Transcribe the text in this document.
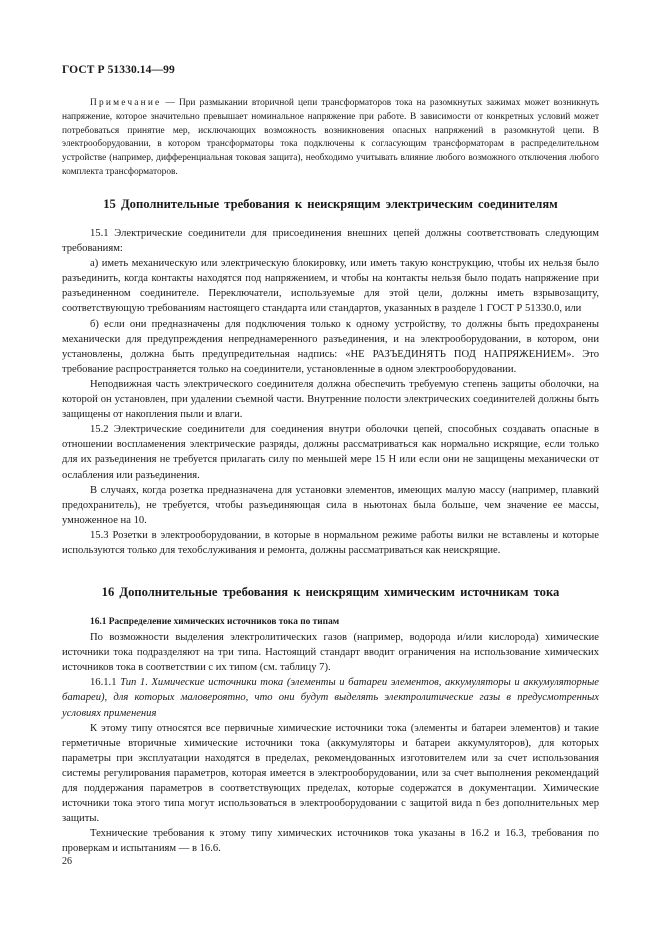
ГОСТ Р 51330.14—99

Примечание — При размыкании вторичной цепи трансформаторов тока на разомкнутых зажимах может возникнуть напряжение, которое значительно превышает номинальное напряжение при работе. В зависимости от конкретных условий может потребоваться принятие мер, исключающих возможность возникновения опасных напряжений в разомкнутой цепи. В электрооборудовании, в котором трансформаторы тока подключены к согласующим трансформаторам в распределительном устройстве (например, дифференциальная токовая защита), необходимо учитывать влияние любого возможного отключения любого комплекта трансформаторов.

15 Дополнительные требования к неискрящим электрическим соединителям

15.1 Электрические соединители для присоединения внешних цепей должны соответствовать следующим требованиям:

а) иметь механическую или электрическую блокировку, или иметь такую конструкцию, чтобы их нельзя было разъединить, когда контакты находятся под напряжением, и чтобы на контакты нельзя было подать напряжение при разъединенном соединителе. Переключатели, используемые для этой цели, должны иметь взрывозащиту, соответствующую требованиям настоящего стандарта или стандартов, указанных в разделе 1 ГОСТ Р 51330.0, или

б) если они предназначены для подключения только к одному устройству, то должны быть предохранены механически для предупреждения непреднамеренного разъединения, и на электрооборудовании, в котором, они установлены, должна быть предупредительная надпись: «НЕ РАЗЪЕДИНЯТЬ ПОД НАПРЯЖЕНИЕМ». Это требование распространяется только на соединители, установленные в одном электрооборудовании.

Неподвижная часть электрического соединителя должна обеспечить требуемую степень защиты оболочки, на которой он установлен, при удалении съемной части. Внутренние полости электрических соединителей должны быть защищены от накопления пыли и влаги.

15.2 Электрические соединители для соединения внутри оболочки цепей, способных создавать опасные в отношении воспламенения электрические разряды, должны рассматриваться как нормально искрящие, если только для их разъединения не требуется прилагать силу по меньшей мере 15 Н или если они не защищены механически от ослабления или разъединения.

В случаях, когда розетка предназначена для установки элементов, имеющих малую массу (например, плавкий предохранитель), не требуется, чтобы разъединяющая сила в ньютонах была больше, чем значение ее массы, умноженное на 10.

15.3 Розетки в электрооборудовании, в которые в нормальном режиме работы вилки не вставлены и которые используются только для техобслуживания и ремонта, должны рассматриваться как неискрящие.

16 Дополнительные требования к неискрящим химическим источникам тока

16.1 Распределение химических источников тока по типам

По возможности выделения электролитических газов (например, водорода и/или кислорода) химические источники тока подразделяют на три типа. Настоящий стандарт вводит ограничения на использование химических источников тока в соответствии с их типом (см. таблицу 7).

16.1.1 Тип 1. Химические источники тока (элементы и батареи элементов, аккумуляторы и аккумуляторные батареи), для которых маловероятно, что они будут выделять электролитические газы в предусмотренных условиях применения

К этому типу относятся все первичные химические источники тока (элементы и батареи элементов) и такие герметичные вторичные химические источники тока (аккумуляторы и батареи аккумуляторов), для которых параметры при эксплуатации находятся в пределах, рекомендованных изготовителем или за счет использования системы регулирования параметров, которая имеется в электрооборудовании, или за счет выполнения рекомендаций для поддержания параметров в соответствующих пределах, которые содержатся в документации. Химические источники тока этого типа могут использоваться в электрооборудовании с защитой вида n без дополнительных мер защиты.

Технические требования к этому типу химических источников тока указаны в 16.2 и 16.3, требования по проверкам и испытаниям — в 16.6.

26
